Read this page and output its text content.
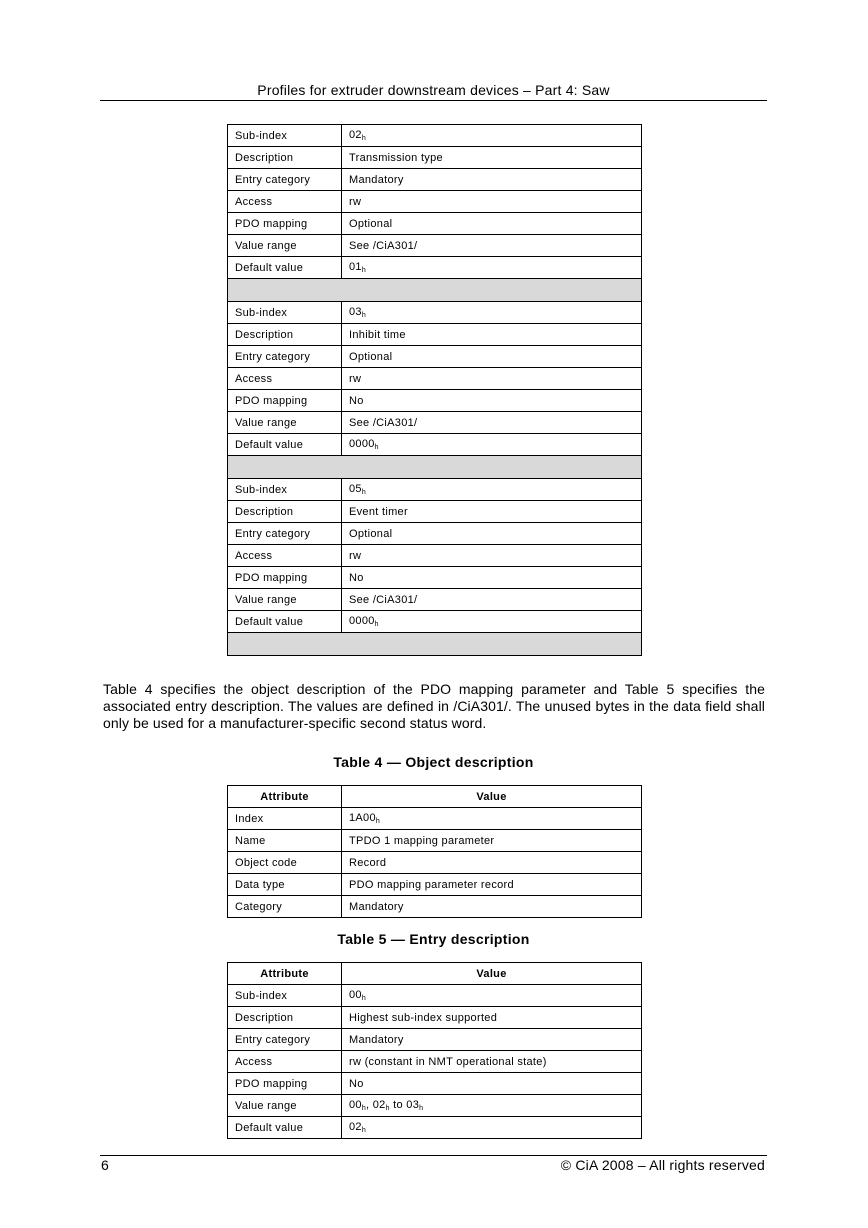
Profiles for extruder downstream devices – Part 4: Saw
Sub-index	$02_h$
Description	Transmission type
Entry category	Mandatory
Access	rw
PDO mapping	Optional
Value range	See /CiA301/
Default value	$01_h$

Sub-index	$03_h$
Description	Inhibit time
Entry category	Optional
Access	rw
PDO mapping	No
Value range	See /CiA301/
Default value	$0000_h$

Sub-index	$05_h$
Description	Event timer
Entry category	Optional
Access	rw
PDO mapping	No
Value range	See /CiA301/
Default value	$0000_h$

Table 4 specifies the object description of the PDO mapping parameter and Table 5 specifies the associated entry description. The values are defined in /CiA301/. The unused bytes in the data field shall only be used for a manufacturer-specific second status word.
Table 4 — Object description
Attribute	Value
Index	$1A00_h$
Name	TPDO 1 mapping parameter
Object code	Record
Data type	PDO mapping parameter record
Category	Mandatory
Table 5 — Entry description
Attribute	Value
Sub-index	$00_h$
Description	Highest sub-index supported
Entry category	Mandatory
Access	rw (constant in NMT operational state)
PDO mapping	No
Value range	$00_h$, $02_h$ to $03_h$
Default value	$02_h$
6	© CiA 2008 – All rights reserved
